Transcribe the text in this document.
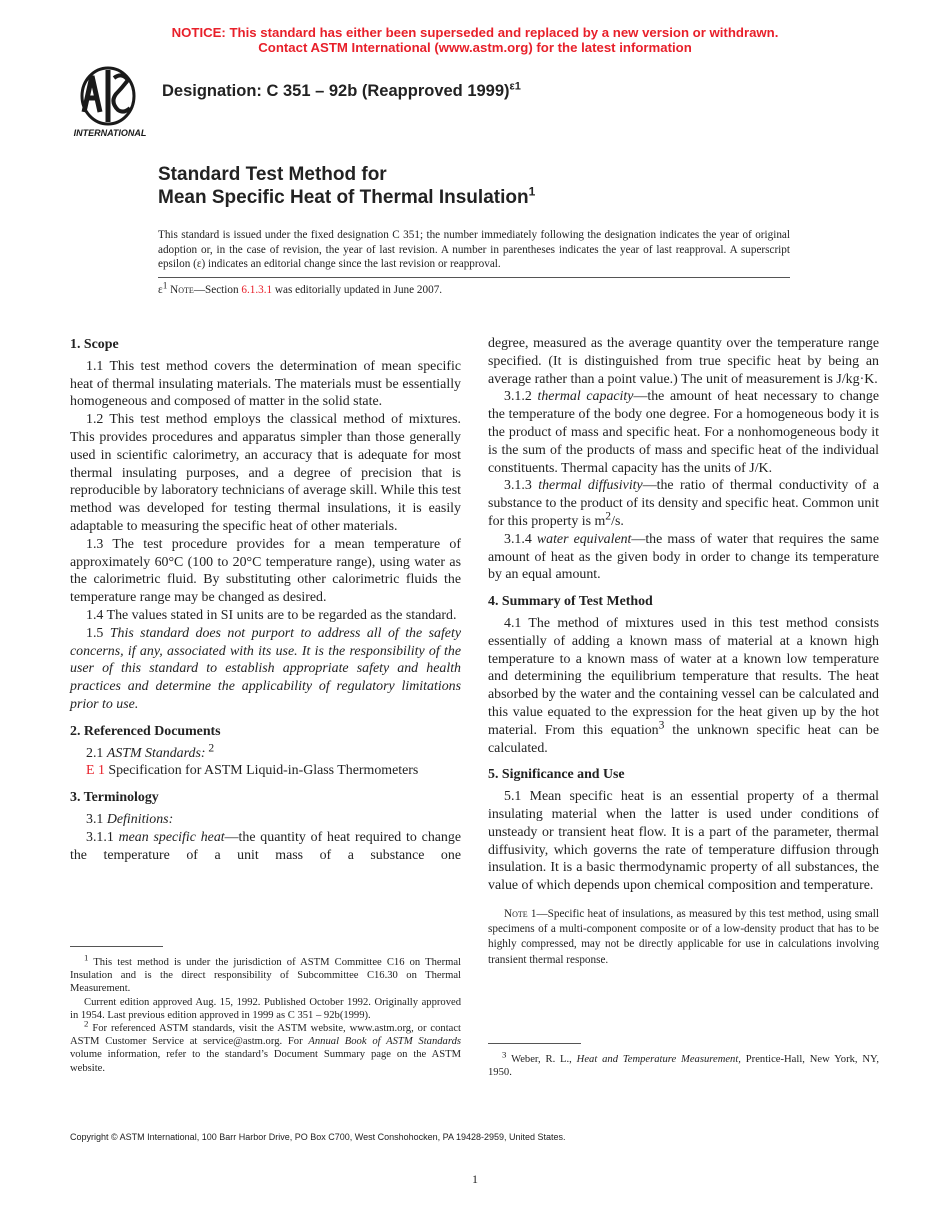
NOTICE: This standard has either been superseded and replaced by a new version or withdrawn.
Contact ASTM International (www.astm.org) for the latest information
INTERNATIONAL
Designation: C 351 – 92b (Reapproved 1999)$^{\varepsilon 1}$
Standard Test Method for
Mean Specific Heat of Thermal Insulation$^1$
This standard is issued under the fixed designation C 351; the number immediately following the designation indicates the year of original adoption or, in the case of revision, the year of last revision. A number in parentheses indicates the year of last reapproval. A superscript epsilon (ε) indicates an editorial change since the last revision or reapproval.
$\varepsilon^1$ Note—Section 6.1.3.1 was editorially updated in June 2007.
1. Scope

1.1 This test method covers the determination of mean specific heat of thermal insulating materials. The materials must be essentially homogeneous and composed of matter in the solid state.

1.2 This test method employs the classical method of mixtures. This provides procedures and apparatus simpler than those generally used in scientific calorimetry, an accuracy that is adequate for most thermal insulating purposes, and a degree of precision that is reproducible by laboratory technicians of average skill. While this test method was developed for testing thermal insulations, it is easily adaptable to measuring the specific heat of other materials.

1.3 The test procedure provides for a mean temperature of approximately 60°C (100 to 20°C temperature range), using water as the calorimetric fluid. By substituting other calorimetric fluids the temperature range may be changed as desired.

1.4 The values stated in SI units are to be regarded as the standard.

1.5 This standard does not purport to address all of the safety concerns, if any, associated with its use. It is the responsibility of the user of this standard to establish appropriate safety and health practices and determine the applicability of regulatory limitations prior to use.

2. Referenced Documents

2.1 ASTM Standards: $^2$

E 1 Specification for ASTM Liquid-in-Glass Thermometers

3. Terminology

3.1 Definitions:

3.1.1 mean specific heat—the quantity of heat required to change the temperature of a unit mass of a substance one

degree, measured as the average quantity over the temperature range specified. (It is distinguished from true specific heat by being an average rather than a point value.) The unit of measurement is J/kg·K.

3.1.2 thermal capacity—the amount of heat necessary to change the temperature of the body one degree. For a homogeneous body it is the product of mass and specific heat. For a nonhomogeneous body it is the sum of the products of mass and specific heat of the individual constituents. Thermal capacity has the units of J/K.

3.1.3 thermal diffusivity—the ratio of thermal conductivity of a substance to the product of its density and specific heat. Common unit for this property is $m^2/s$.

3.1.4 water equivalent—the mass of water that requires the same amount of heat as the given body in order to change its temperature by an equal amount.

4. Summary of Test Method

4.1 The method of mixtures used in this test method consists essentially of adding a known mass of material at a known high temperature to a known mass of water at a known low temperature and determining the equilibrium temperature that results. The heat absorbed by the water and the containing vessel can be calculated and this value equated to the expression for the heat given up by the hot material. From this equation$^3$ the unknown specific heat can be calculated.

5. Significance and Use

5.1 Mean specific heat is an essential property of a thermal insulating material when the latter is used under conditions of unsteady or transient heat flow. It is a part of the parameter, thermal diffusivity, which governs the rate of temperature diffusion through insulation. It is a basic thermodynamic property of all substances, the value of which depends upon chemical composition and temperature.

Note 1—Specific heat of insulations, as measured by this test method, using small specimens of a multi-component composite or of a low-density product that has to be highly compressed, may not be directly applicable for use in calculations involving transient thermal response.

$^1$ This test method is under the jurisdiction of ASTM Committee C16 on Thermal Insulation and is the direct responsibility of Subcommittee C16.30 on Thermal Measurement.

Current edition approved Aug. 15, 1992. Published October 1992. Originally approved in 1954. Last previous edition approved in 1999 as C 351 – 92b(1999).

$^2$ For referenced ASTM standards, visit the ASTM website, www.astm.org, or contact ASTM Customer Service at service@astm.org. For Annual Book of ASTM Standards volume information, refer to the standard’s Document Summary page on the ASTM website.

$^3$ Weber, R. L., Heat and Temperature Measurement, Prentice-Hall, New York, NY, 1950.

Copyright © ASTM International, 100 Barr Harbor Drive, PO Box C700, West Conshohocken, PA 19428-2959, United States.
1
